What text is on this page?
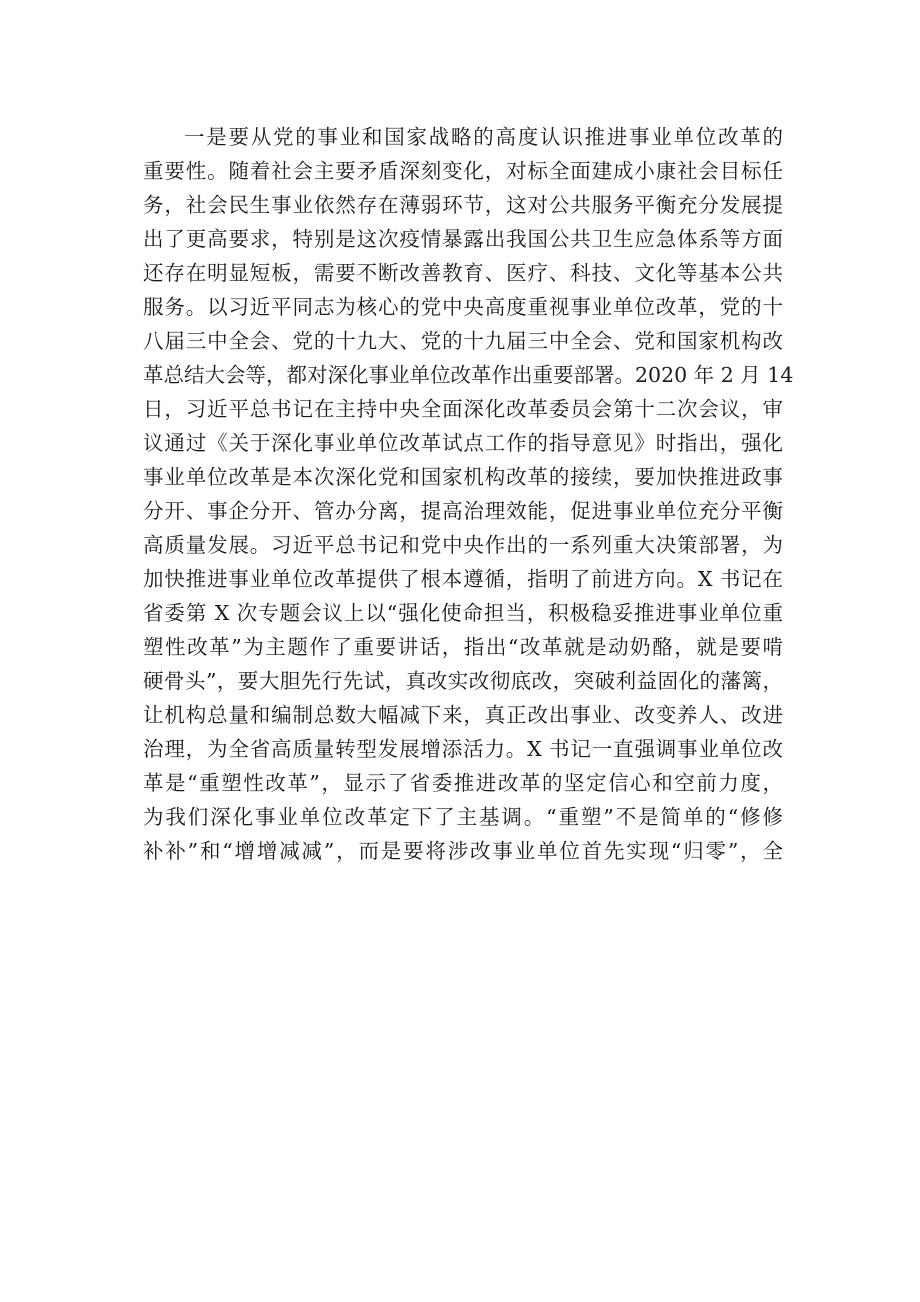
一是要从党的事业和国家战略的高度认识推进事业单位改革的
重要性。随着社会主要矛盾深刻变化，对标全面建成小康社会目标任
务，社会民生事业依然存在薄弱环节，这对公共服务平衡充分发展提
出了更高要求，特别是这次疫情暴露出我国公共卫生应急体系等方面
还存在明显短板，需要不断改善教育、医疗、科技、文化等基本公共
服务。以习近平同志为核心的党中央高度重视事业单位改革，党的十
八届三中全会、党的十九大、党的十九届三中全会、党和国家机构改
革总结大会等，都对深化事业单位改革作出重要部署。2020 年 2 月 14
日，习近平总书记在主持中央全面深化改革委员会第十二次会议，审
议通过《关于深化事业单位改革试点工作的指导意见》时指出，强化
事业单位改革是本次深化党和国家机构改革的接续，要加快推进政事
分开、事企分开、管办分离，提高治理效能，促进事业单位充分平衡
高质量发展。习近平总书记和党中央作出的一系列重大决策部署，为
加快推进事业单位改革提供了根本遵循，指明了前进方向。X 书记在
省委第 X 次专题会议上以“强化使命担当，积极稳妥推进事业单位重
塑性改革”为主题作了重要讲话，指出“改革就是动奶酪，就是要啃
硬骨头”，要大胆先行先试，真改实改彻底改，突破利益固化的藩篱，
让机构总量和编制总数大幅减下来，真正改出事业、改变养人、改进
治理，为全省高质量转型发展增添活力。X 书记一直强调事业单位改
革是“重塑性改革”，显示了省委推进改革的坚定信心和空前力度，
为我们深化事业单位改革定下了主基调。“重塑”不是简单的“修修
补补”和“增增减减”，而是要将涉改事业单位首先实现“归零”，全
